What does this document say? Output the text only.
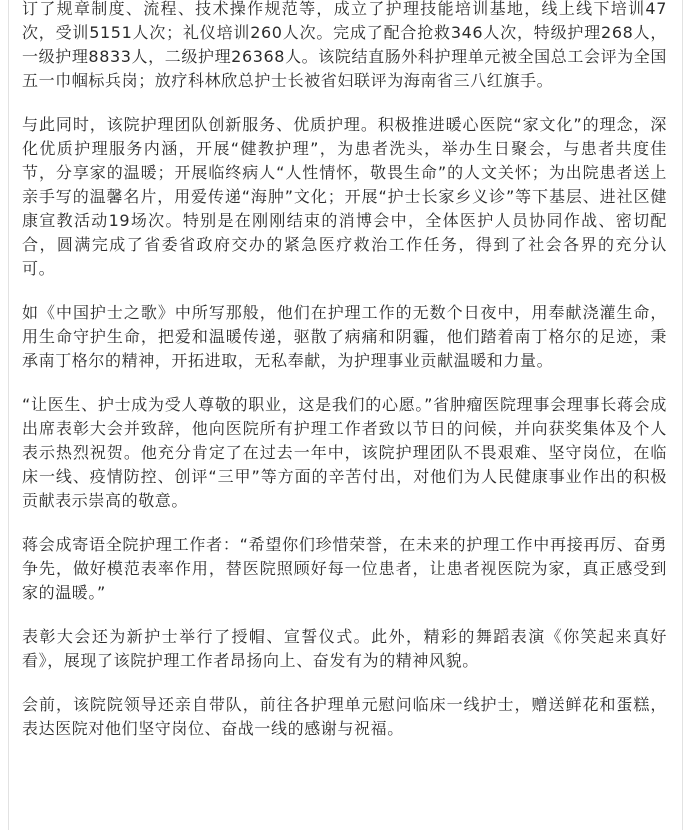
订了规章制度、流程、技术操作规范等，成立了护理技能培训基地，线上线下培训47次，受训5151人次；礼仪培训260人次。完成了配合抢救346人次，特级护理268人，一级护理8833人，二级护理26368人。该院结直肠外科护理单元被全国总工会评为全国五一巾帼标兵岗；放疗科林欣总护士长被省妇联评为海南省三八红旗手。

与此同时，该院护理团队创新服务、优质护理。积极推进暖心医院“家文化”的理念，深化优质护理服务内涵，开展“健教护理”，为患者洗头，举办生日聚会，与患者共度佳节，分享家的温暖；开展临终病人“人性情怀，敬畏生命”的人文关怀；为出院患者送上亲手写的温馨名片，用爱传递“海肿”文化；开展“护士长家乡义诊”等下基层、进社区健康宣教活动19场次。特别是在刚刚结束的消博会中，全体医护人员协同作战、密切配合，圆满完成了省委省政府交办的紧急医疗救治工作任务，得到了社会各界的充分认可。

如《中国护士之歌》中所写那般，他们在护理工作的无数个日夜中，用奉献浇灌生命，用生命守护生命，把爱和温暖传递，驱散了病痛和阴霾，他们踏着南丁格尔的足迹，秉承南丁格尔的精神，开拓进取，无私奉献，为护理事业贡献温暖和力量。

“让医生、护士成为受人尊敬的职业，这是我们的心愿。”省肿瘤医院理事会理事长蒋会成出席表彰大会并致辞，他向医院所有护理工作者致以节日的问候，并向获奖集体及个人表示热烈祝贺。他充分肯定了在过去一年中，该院护理团队不畏艰难、坚守岗位，在临床一线、疫情防控、创评“三甲”等方面的辛苦付出，对他们为人民健康事业作出的积极贡献表示崇高的敬意。

蒋会成寄语全院护理工作者：“希望你们珍惜荣誉，在未来的护理工作中再接再厉、奋勇争先，做好模范表率作用，替医院照顾好每一位患者，让患者视医院为家，真正感受到家的温暖。”

表彰大会还为新护士举行了授帽、宣誓仪式。此外，精彩的舞蹈表演《你笑起来真好看》，展现了该院护理工作者昂扬向上、奋发有为的精神风貌。

会前，该院院领导还亲自带队，前往各护理单元慰问临床一线护士，赠送鲜花和蛋糕，表达医院对他们坚守岗位、奋战一线的感谢与祝福。
